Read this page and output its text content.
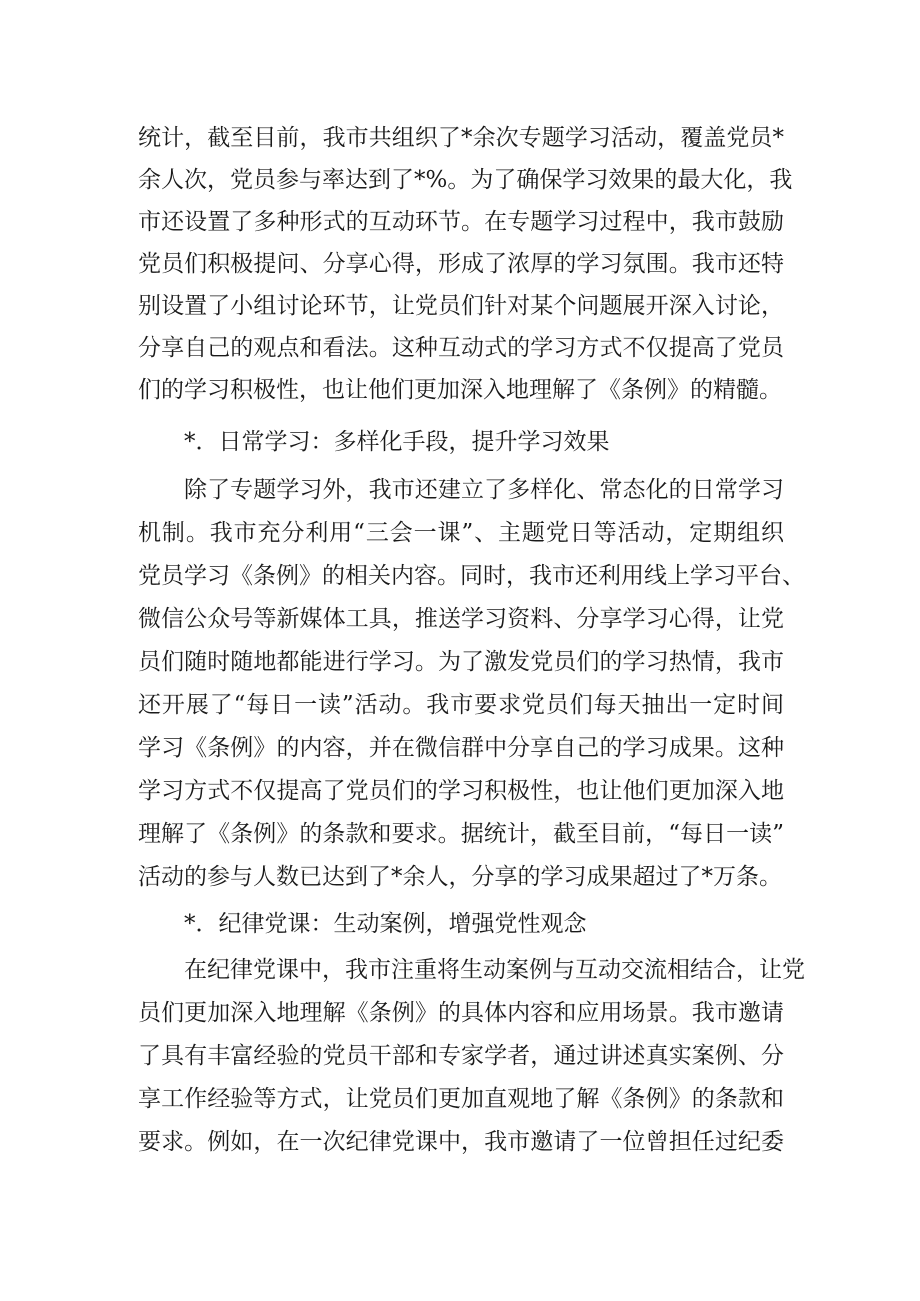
统计，截至目前，我市共组织了*余次专题学习活动，覆盖党员*
余人次，党员参与率达到了*%。为了确保学习效果的最大化，我
市还设置了多种形式的互动环节。在专题学习过程中，我市鼓励
党员们积极提问、分享心得，形成了浓厚的学习氛围。我市还特
别设置了小组讨论环节，让党员们针对某个问题展开深入讨论，
分享自己的观点和看法。这种互动式的学习方式不仅提高了党员
们的学习积极性，也让他们更加深入地理解了《条例》的精髓。
*．日常学习：多样化手段，提升学习效果
除了专题学习外，我市还建立了多样化、常态化的日常学习
机制。我市充分利用“三会一课”、主题党日等活动，定期组织
党员学习《条例》的相关内容。同时，我市还利用线上学习平台、
微信公众号等新媒体工具，推送学习资料、分享学习心得，让党
员们随时随地都能进行学习。为了激发党员们的学习热情，我市
还开展了“每日一读”活动。我市要求党员们每天抽出一定时间
学习《条例》的内容，并在微信群中分享自己的学习成果。这种
学习方式不仅提高了党员们的学习积极性，也让他们更加深入地
理解了《条例》的条款和要求。据统计，截至目前，“每日一读”
活动的参与人数已达到了*余人，分享的学习成果超过了*万条。
*．纪律党课：生动案例，增强党性观念
在纪律党课中，我市注重将生动案例与互动交流相结合，让党
员们更加深入地理解《条例》的具体内容和应用场景。我市邀请
了具有丰富经验的党员干部和专家学者，通过讲述真实案例、分
享工作经验等方式，让党员们更加直观地了解《条例》的条款和
要求。例如，在一次纪律党课中，我市邀请了一位曾担任过纪委
